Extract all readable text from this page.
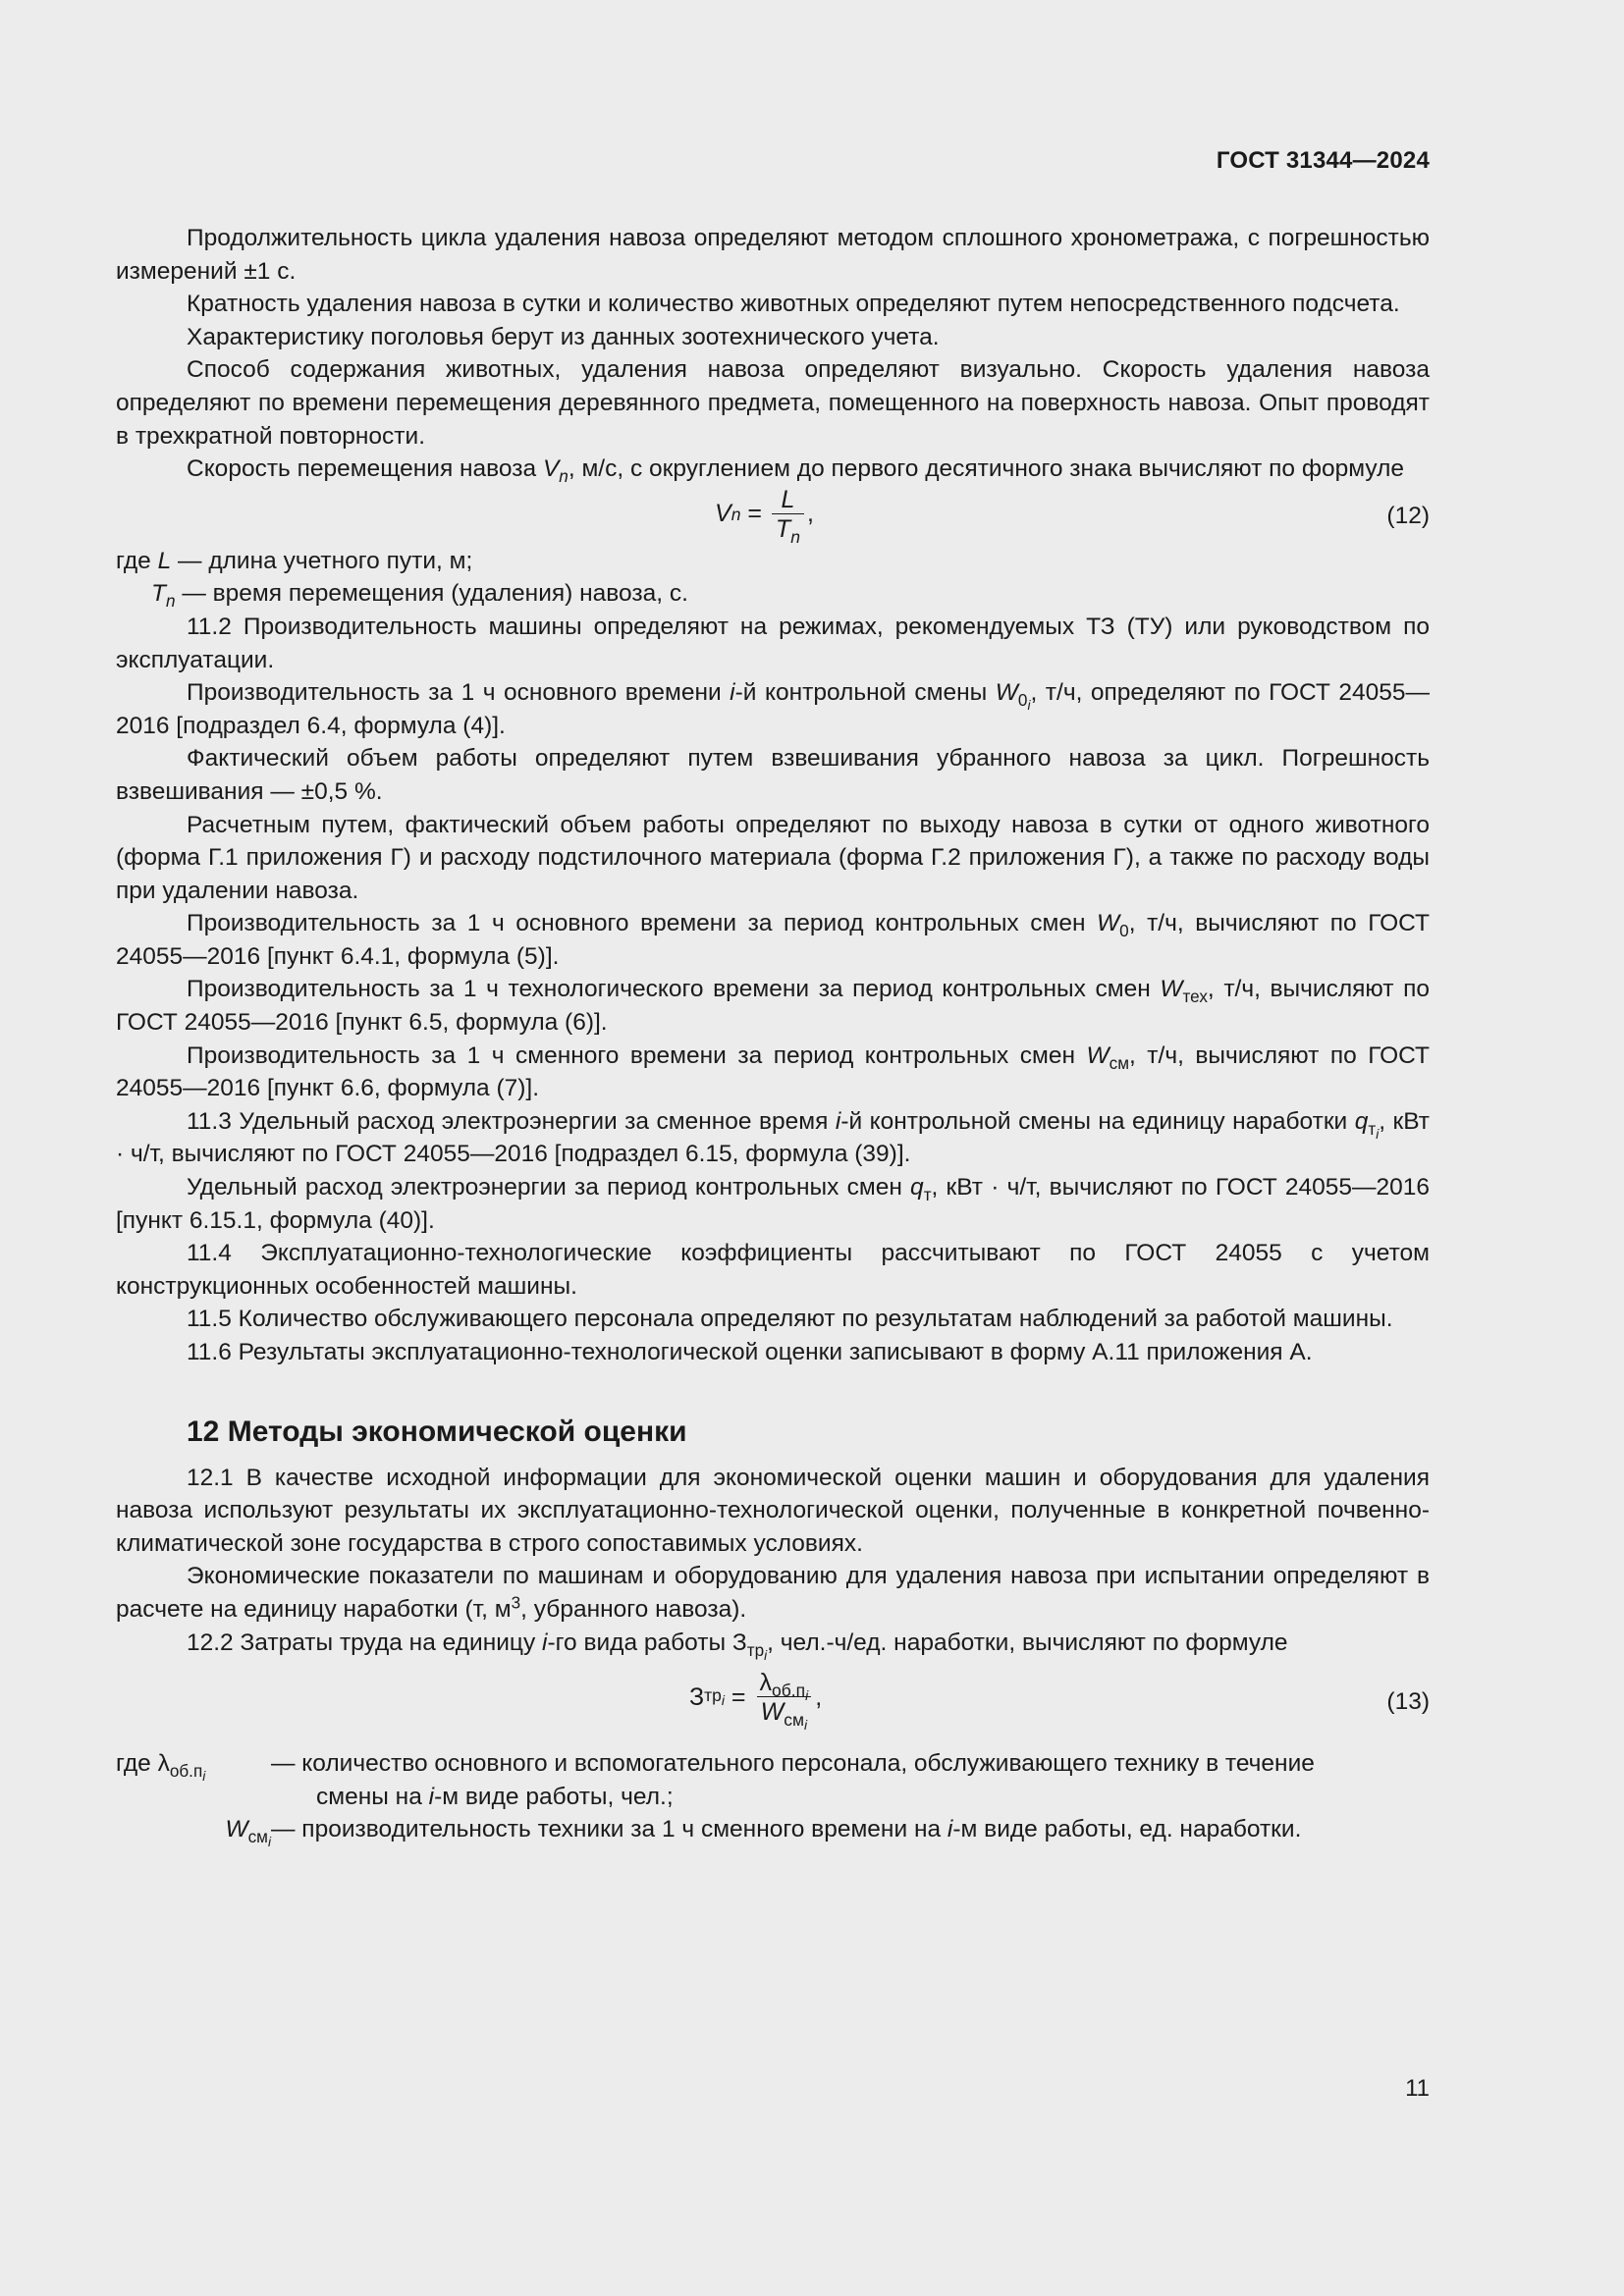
ГОСТ 31344—2024

Продолжительность цикла удаления навоза определяют методом сплошного хронометража, с погрешностью измерений ±1 с.

Кратность удаления навоза в сутки и количество животных определяют путем непосредственного подсчета.

Характеристику поголовья берут из данных зоотехнического учета.

Способ содержания животных, удаления навоза определяют визуально. Скорость удаления навоза определяют по времени перемещения деревянного предмета, помещенного на поверхность навоза. Опыт проводят в трехкратной повторности.

Скорость перемещения навоза $V_n$, м/с, с округлением до первого десятичного знака вычисляют по формуле

V $n = \frac{L}{T_n}$ ,	(12)

где L — длина учетного пути, м;

$T_n$ — время перемещения (удаления) навоза, с.

11.2 Производительность машины определяют на режимах, рекомендуемых ТЗ (ТУ) или руководством по эксплуатации.

Производительность за 1 ч основного времени i-й контрольной смены $W_{0_i}$, т/ч, определяют по ГОСТ 24055—2016 [подраздел 6.4, формула (4)].

Фактический объем работы определяют путем взвешивания убранного навоза за цикл. Погрешность взвешивания — ±0,5 %.

Расчетным путем, фактический объем работы определяют по выходу навоза в сутки от одного животного (форма Г.1 приложения Г) и расходу подстилочного материала (форма Г.2 приложения Г), а также по расходу воды при удалении навоза.

Производительность за 1 ч основного времени за период контрольных смен $W_0$, т/ч, вычисляют по ГОСТ 24055—2016 [пункт 6.4.1, формула (5)].

Производительность за 1 ч технологического времени за период контрольных смен $W_{тех}$, т/ч, вычисляют по ГОСТ 24055—2016 [пункт 6.5, формула (6)].

Производительность за 1 ч сменного времени за период контрольных смен $W_{см}$, т/ч, вычисляют по ГОСТ 24055—2016 [пункт 6.6, формула (7)].

11.3 Удельный расход электроэнергии за сменное время i-й контрольной смены на единицу наработки $q_{т_i}$, кВт · ч/т, вычисляют по ГОСТ 24055—2016 [подраздел 6.15, формула (39)].

Удельный расход электроэнергии за период контрольных смен $q_т$, кВт · ч/т, вычисляют по ГОСТ 24055—2016 [пункт 6.15.1, формула (40)].

11.4 Эксплуатационно-технологические коэффициенты рассчитывают по ГОСТ 24055 с учетом конструкционных особенностей машины.

11.5 Количество обслуживающего персонала определяют по результатам наблюдений за работой машины.

11.6 Результаты эксплуатационно-технологической оценки записывают в форму А.11 приложения А.

12 Методы экономической оценки

12.1 В качестве исходной информации для экономической оценки машин и оборудования для удаления навоза используют результаты их эксплуатационно-технологической оценки, полученные в конкретной почвенно-климатической зоне государства в строго сопоставимых условиях.

Экономические показатели по машинам и оборудованию для удаления навоза при испытании определяют в расчете на единицу наработки (т, $м^3$, убранного навоза).

12.2 Затраты труда на единицу i-го вида работы $З_{тр_i}$, чел.-ч/ед. наработки, вычисляют по формуле

З $тр_i = \frac{\lambda_{об.п_i}}{W_{см_i}}$ ,	(13)
где $\lambda_{об.п_i}$	— количество основного и вспомогательного персонала, обслуживающего технику в течение
смены на i-м виде работы, чел.;
$W_{см_i}$ — производительность техники за 1 ч сменного времени на i-м виде работы, ед. наработки.
11
